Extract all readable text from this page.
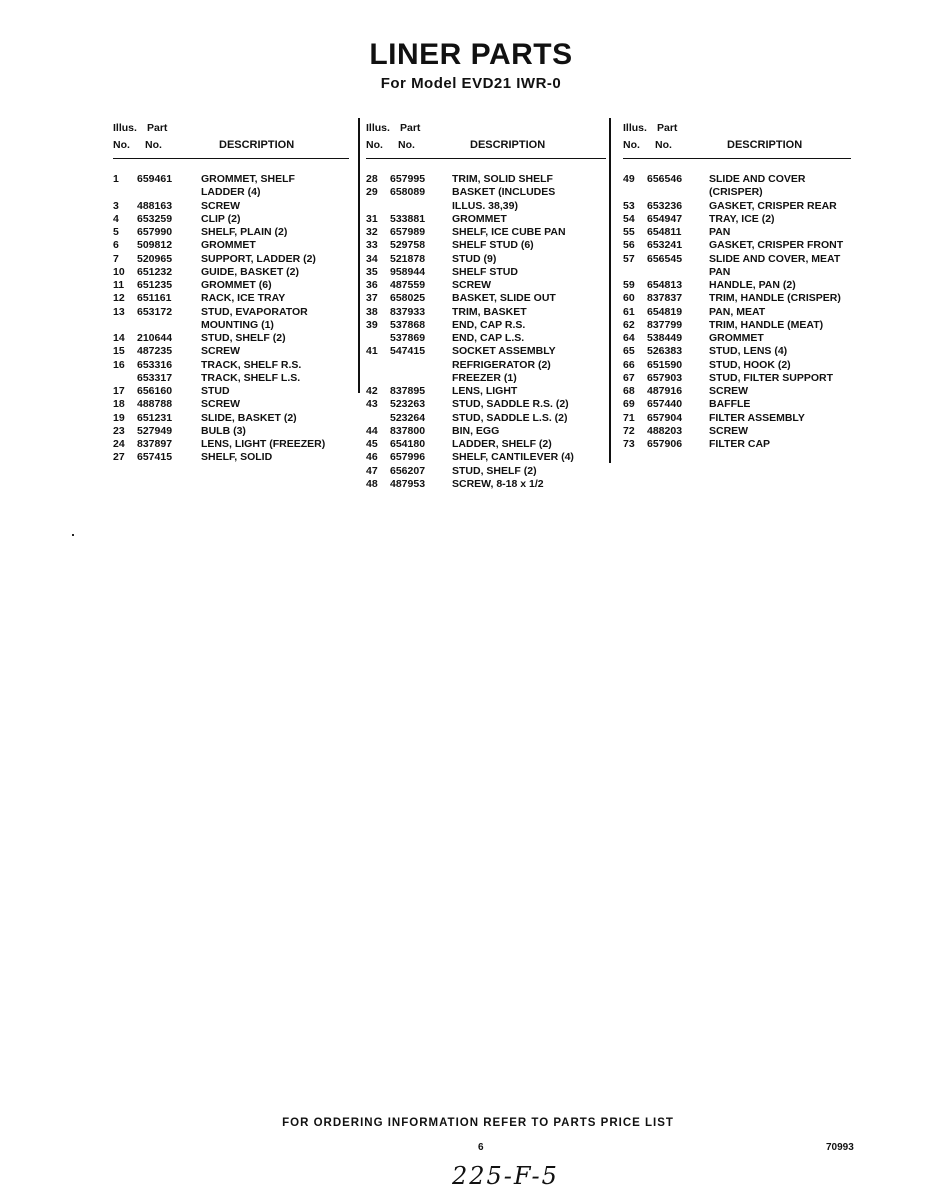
LINER PARTS
For Model EVD21 IWR-0
Illus. Part
No. No.	DESCRIPTION
1	659461	GROMMET, SHELF
LADDER (4)
3	488163	SCREW
4	653259	CLIP (2)
5	657990	SHELF, PLAIN (2)
6	509812	GROMMET
7	520965	SUPPORT, LADDER (2)
10	651232	GUIDE, BASKET (2)
11	651235	GROMMET (6)
12	651161	RACK, ICE TRAY
13	653172	STUD, EVAPORATOR
MOUNTING (1)
14	210644	STUD, SHELF (2)
15	487235	SCREW
16	653316	TRACK, SHELF R.S.
653317	TRACK, SHELF L.S.
17	656160	STUD
18	488788	SCREW
19	651231	SLIDE, BASKET (2)
23	527949	BULB (3)
24	837897	LENS, LIGHT (FREEZER)
27	657415	SHELF, SOLID
Illus. Part
No. No.	DESCRIPTION
28	657995	TRIM, SOLID SHELF
29	658089	BASKET (INCLUDES
ILLUS. 38,39)
31	533881	GROMMET
32	657989	SHELF, ICE CUBE PAN
33	529758	SHELF STUD (6)
34	521878	STUD (9)
35	958944	SHELF STUD
36	487559	SCREW
37	658025	BASKET, SLIDE OUT
38	837933	TRIM, BASKET
39	537868	END, CAP R.S.
537869	END, CAP L.S.
41	547415	SOCKET ASSEMBLY
REFRIGERATOR (2)
FREEZER (1)
42	837895	LENS, LIGHT
43	523263	STUD, SADDLE R.S. (2)
523264	STUD, SADDLE L.S. (2)
44	837800	BIN, EGG
45	654180	LADDER, SHELF (2)
46	657996	SHELF, CANTILEVER (4)
47	656207	STUD, SHELF (2)
48	487953	SCREW, 8-18 x 1/2
Illus. Part
No. No.	DESCRIPTION
49	656546	SLIDE AND COVER
(CRISPER)
53	653236	GASKET, CRISPER REAR
54	654947	TRAY, ICE (2)
55	654811	PAN
56	653241	GASKET, CRISPER FRONT
57	656545	SLIDE AND COVER, MEAT
PAN
59	654813	HANDLE, PAN (2)
60	837837	TRIM, HANDLE (CRISPER)
61	654819	PAN, MEAT
62	837799	TRIM, HANDLE (MEAT)
64	538449	GROMMET
65	526383	STUD, LENS (4)
66	651590	STUD, HOOK (2)
67	657903	STUD, FILTER SUPPORT
68	487916	SCREW
69	657440	BAFFLE
71	657904	FILTER ASSEMBLY
72	488203	SCREW
73	657906	FILTER CAP
FOR ORDERING INFORMATION REFER TO PARTS PRICE LIST
6	70993
225-F-5
